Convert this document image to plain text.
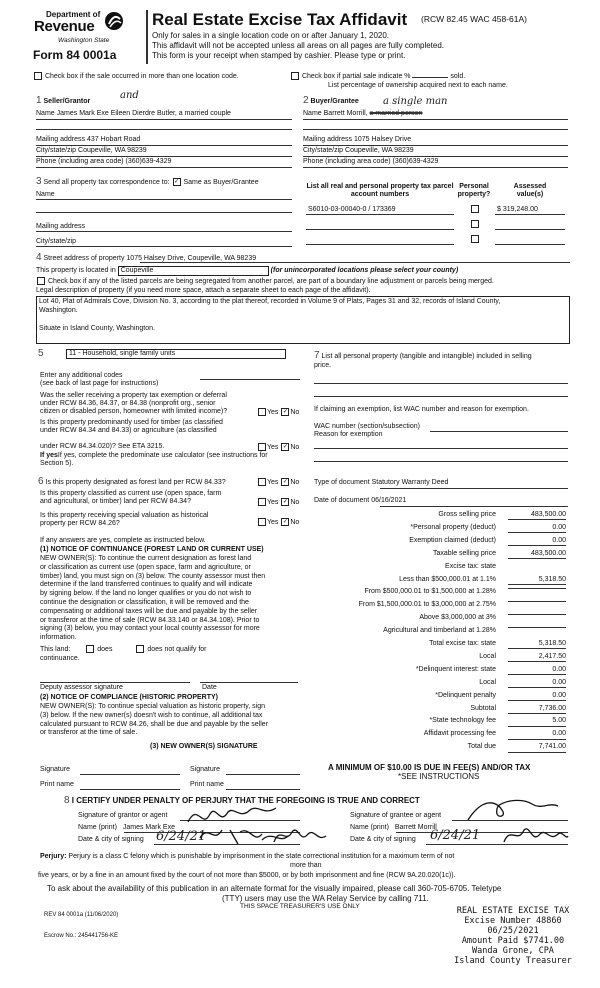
Department of
Revenue
Washington State
Form 84 0001a
Real Estate Excise Tax Affidavit (RCW 82.45 WAC 458-61A)
Only for sales in a single location code on or after January 1, 2020.
This affidavit will not be accepted unless all areas on all pages are fully completed.
This form is your receipt when stamped by cashier. Please type or print.
Check box if the sale occurred in more than one location code.	Check box if partial sale indicate %	sold.
List percentage of ownership acquired next to each name.
1 Seller/Grantor
and
Name James Mark Exe Eileen Dierdre Butler, a married couple
Mailing address 437 Hobart Road
City/state/zip Coupeville, WA 98239
Phone (including area code) (360)639-4329
2 Buyer/Grantee a single man
Name Barrett Morrill, a married person
Mailing address 1075 Halsey Drive
City/state/zip Coupeville, WA 98239
Phone (including area code) (360)639-4329
3 Send all property tax correspondence to: ✓ Same as Buyer/Grantee
Name
Mailing address
City/state/zip
List all real and personal property tax parcel account numbers
Personal property?
Assessed value(s)
S6010-03-00040-0 / 173369	$ 319,248.00
4 Street address of property 1075 Halsey Drive, Coupeville, WA 98239
This property is located in Coupeville	(for unincorporated locations please select your county)
Check box if any of the listed parcels are being segregated from another parcel, are part of a boundary line adjustment or parcels being merged.
Legal description of property (if you need more space, attach a separate sheet to each page of the affidavit).
Lot 40, Plat of Admirals Cove, Division No. 3, according to the plat thereof, recorded in Volume 9 of Plats, Pages 31 and 32, records of Island County,
Washington.
Situate in Island County, Washington.
5	11 - Household, single family units
Enter any additional codes
(see back of last page for instructions)
Was the seller receiving a property tax exemption or deferral
under RCW 84.36, 84.37, or 84.38 (nonprofit org., senior
citizen or disabled person, homeowner with limited income)?	Yes ✓ No
Is this property predominantly used for timber (as classified
under RCW 84.34 and 84.33) or agriculture (as classified
under RCW 84.34.020)? See ETA 3215.	Yes ✓ No
If yesIf yes, complete the predominate use calculator (see instructions for
Section 5).
6 Is this property designated as forest land per RCW 84.33?	Yes ✓ No
Is this property classified as current use (open space, farm
and agricultural, or timber) land per RCW 84.34?	Yes ✓ No
Is this property receiving special valuation as historical
property per RCW 84.26?	Yes ✓ No
If any answers are yes, complete as instructed below.
(1) NOTICE OF CONTINUANCE (FOREST LAND OR CURRENT USE)
NEW OWNER(S): To continue the current designation as forest land
or classification as current use (open space, farm and agriculture, or
timber) land, you must sign on (3) below. The county assessor must then
determine if the land transferred continues to qualify and will indicate
by signing below. If the land no longer qualifies or you do not wish to
continue the designation or classification, it will be removed and the
compensating or additional taxes will be due and payable by the seller
or transferor at the time of sale (RCW 84.33.140 or 84.34.108). Prior to
signing (3) below, you may contact your local county assessor for more
information.
This land:	does	does not qualify for
continuance.
Deputy assessor signature	Date
(2) NOTICE OF COMPLIANCE (HISTORIC PROPERTY)
NEW OWNER(S): To continue special valuation as historic property, sign
(3) below. If the new owner(s) doesn't wish to continue, all additional tax
calculated pursuant to RCW 84.26, shall be due and payable by the seller
or transferor at the time of sale.
(3) NEW OWNER(S) SIGNATURE
Signature	Signature
Print name	Print name
7 List all personal property (tangible and intangible) included in selling
price.
If claiming an exemption, list WAC number and reason for exemption.
WAC number (section/subsection)
Reason for exemption
Type of document Statutory Warranty Deed
Date of document 06/16/2021
Gross selling price	483,500.00
*Personal property (deduct)	0.00
Exemption claimed (deduct)	0.00
Taxable selling price	483,500.00
Excise tax: state
Less than $500,000.01 at 1.1%	5,318.50
From $500,000.01 to $1,500,000 at 1.28%
From $1,500,000.01 to $3,000,000 at 2.75%
Above $3,000,000 at 3%
Agricultural and timberland at 1.28%
Total excise tax: state	5,318.50
Local	2,417.50
*Delinquent interest: state	0.00
Local	0.00
*Delinquent penalty	0.00
Subtotal	7,736.00
*State technology fee	5.00
Affidavit processing fee	0.00
Total due	7,741.00
A MINIMUM OF $10.00 IS DUE IN FEE(S) AND/OR TAX
*SEE INSTRUCTIONS
8 I CERTIFY UNDER PENALTY OF PERJURY THAT THE FOREGOING IS TRUE AND CORRECT
Signature of grantor or agent
Name (print) James Mark Exe
Date & city of signing 6/24/21
Signature of grantee or agent
Name (print) Barrett Morrill
Date & city of signing 6/24/21
Perjury: Perjury is a class C felony which is punishable by imprisonment in the state correctional institution for a maximum term of not
more than
five years, or by a fine in an amount fixed by the court of not more than $5000, or by both imprisonment and fine (RCW 9A.20.020(1c)).
To ask about the availability of this publication in an alternate format for the visually impaired, please call 360-705-6705. Teletype
(TTY) users may use the WA Relay Service by calling 711.
REV 84 0001a (11/06/2020)
THIS SPACE TREASURER'S USE ONLY
Escrow No.: 245441756-KE
REAL ESTATE EXCISE TAX
Excise Number 48860
06/25/2021
Amount Paid $7741.00
Wanda Grone, CPA
Island County Treasurer
